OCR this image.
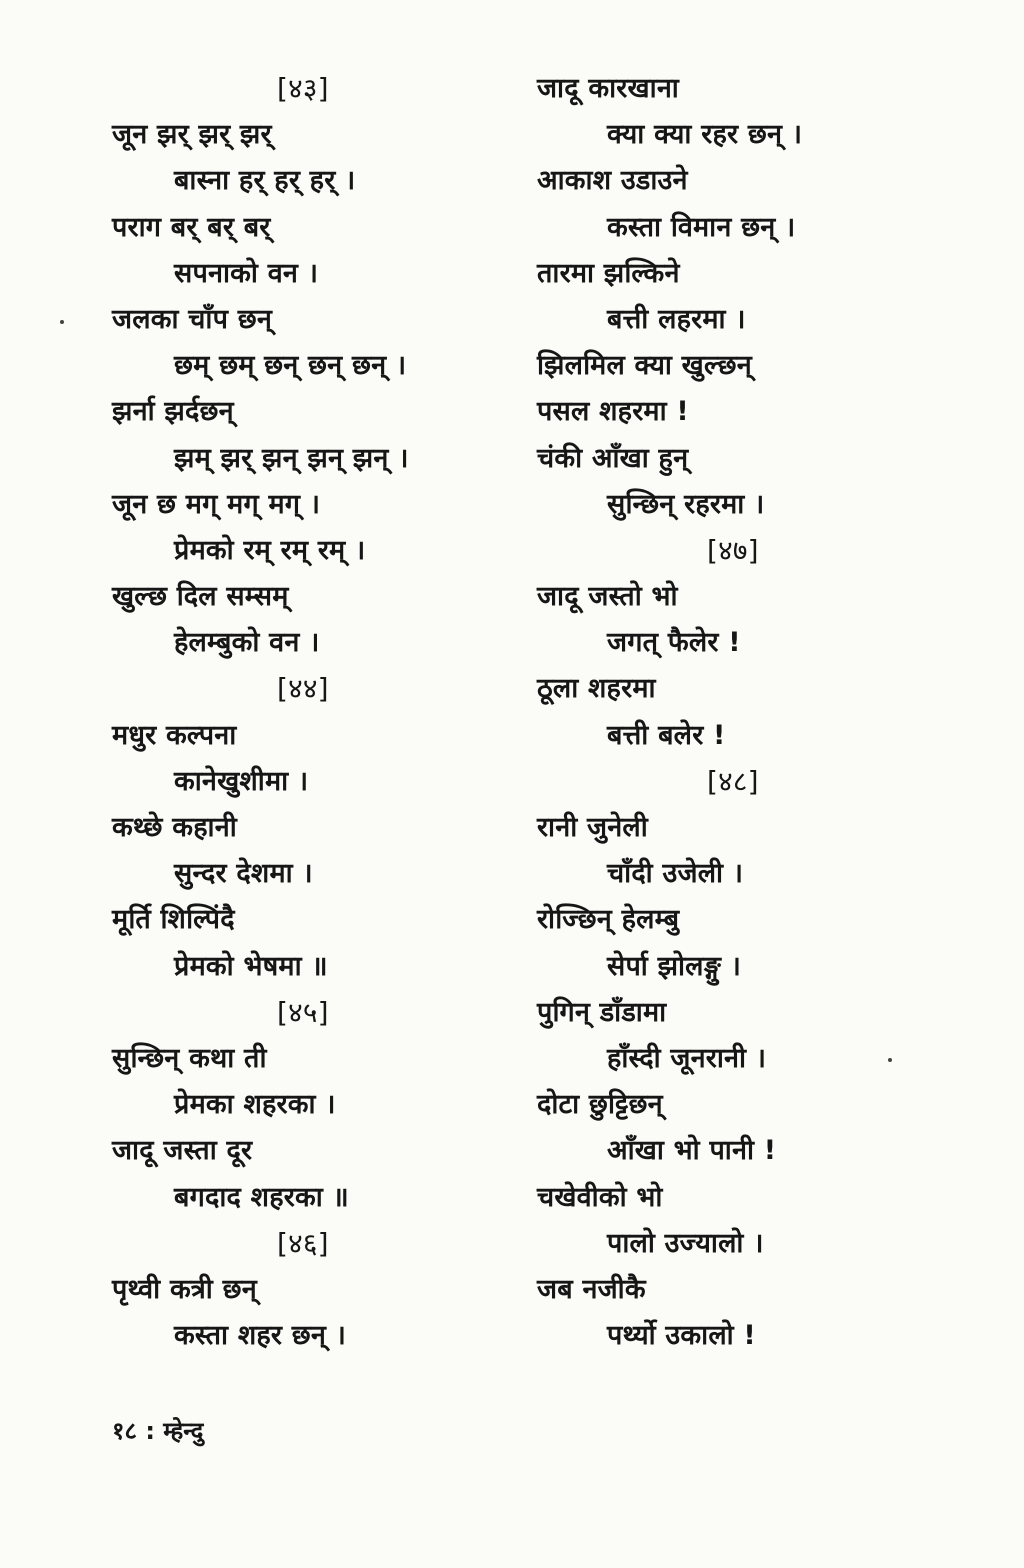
[४३]
जून झर् झर् झर्
बास्ना हर् हर् हर् ।
पराग बर् बर् बर्
सपनाको वन ।
जलका चाँप छन्
छम् छम् छन् छन् छन् ।
झर्ना झर्दछन्
झम् झर् झन् झन् झन् ।
जून छ मग् मग् मग् ।
प्रेमको रम् रम् रम् ।
खुल्छ दिल सम्सम्
हेलम्बुको वन ।
[४४]
मधुर कल्पना
कानेखुशीमा ।
कथ्छे कहानी
सुन्दर देशमा ।
मूर्ति शिल्पिंदै
प्रेमको भेषमा ॥
[४५]
सुन्छिन् कथा ती
प्रेमका शहरका ।
जादू जस्ता दूर
बगदाद शहरका ॥
[४६]
पृथ्वी कत्री छन्
कस्ता शहर छन् ।
जादू कारखाना
क्या क्या रहर छन् ।
आकाश उडाउने
कस्ता विमान छन् ।
तारमा झल्किने
बत्ती लहरमा ।
झिलमिल क्या खुल्छन्
पसल शहरमा !
चंकी आँखा हुन्
सुन्छिन् रहरमा ।
[४७]
जादू जस्तो भो
जगत् फैलेर !
ठूला शहरमा
बत्ती बलेर !
[४८]
रानी जुनेली
चाँदी उजेली ।
रोज्छिन् हेलम्बु
सेर्पा झोलङ्गु ।
पुगिन् डाँडामा
हाँस्दी जूनरानी ।
दोटा छुट्टिछन्
आँखा भो पानी !
चखेवीको भो
पालो उज्यालो ।
जब नजीकै
पर्थ्यो उकालो !
१८ : म्हेन्दु
